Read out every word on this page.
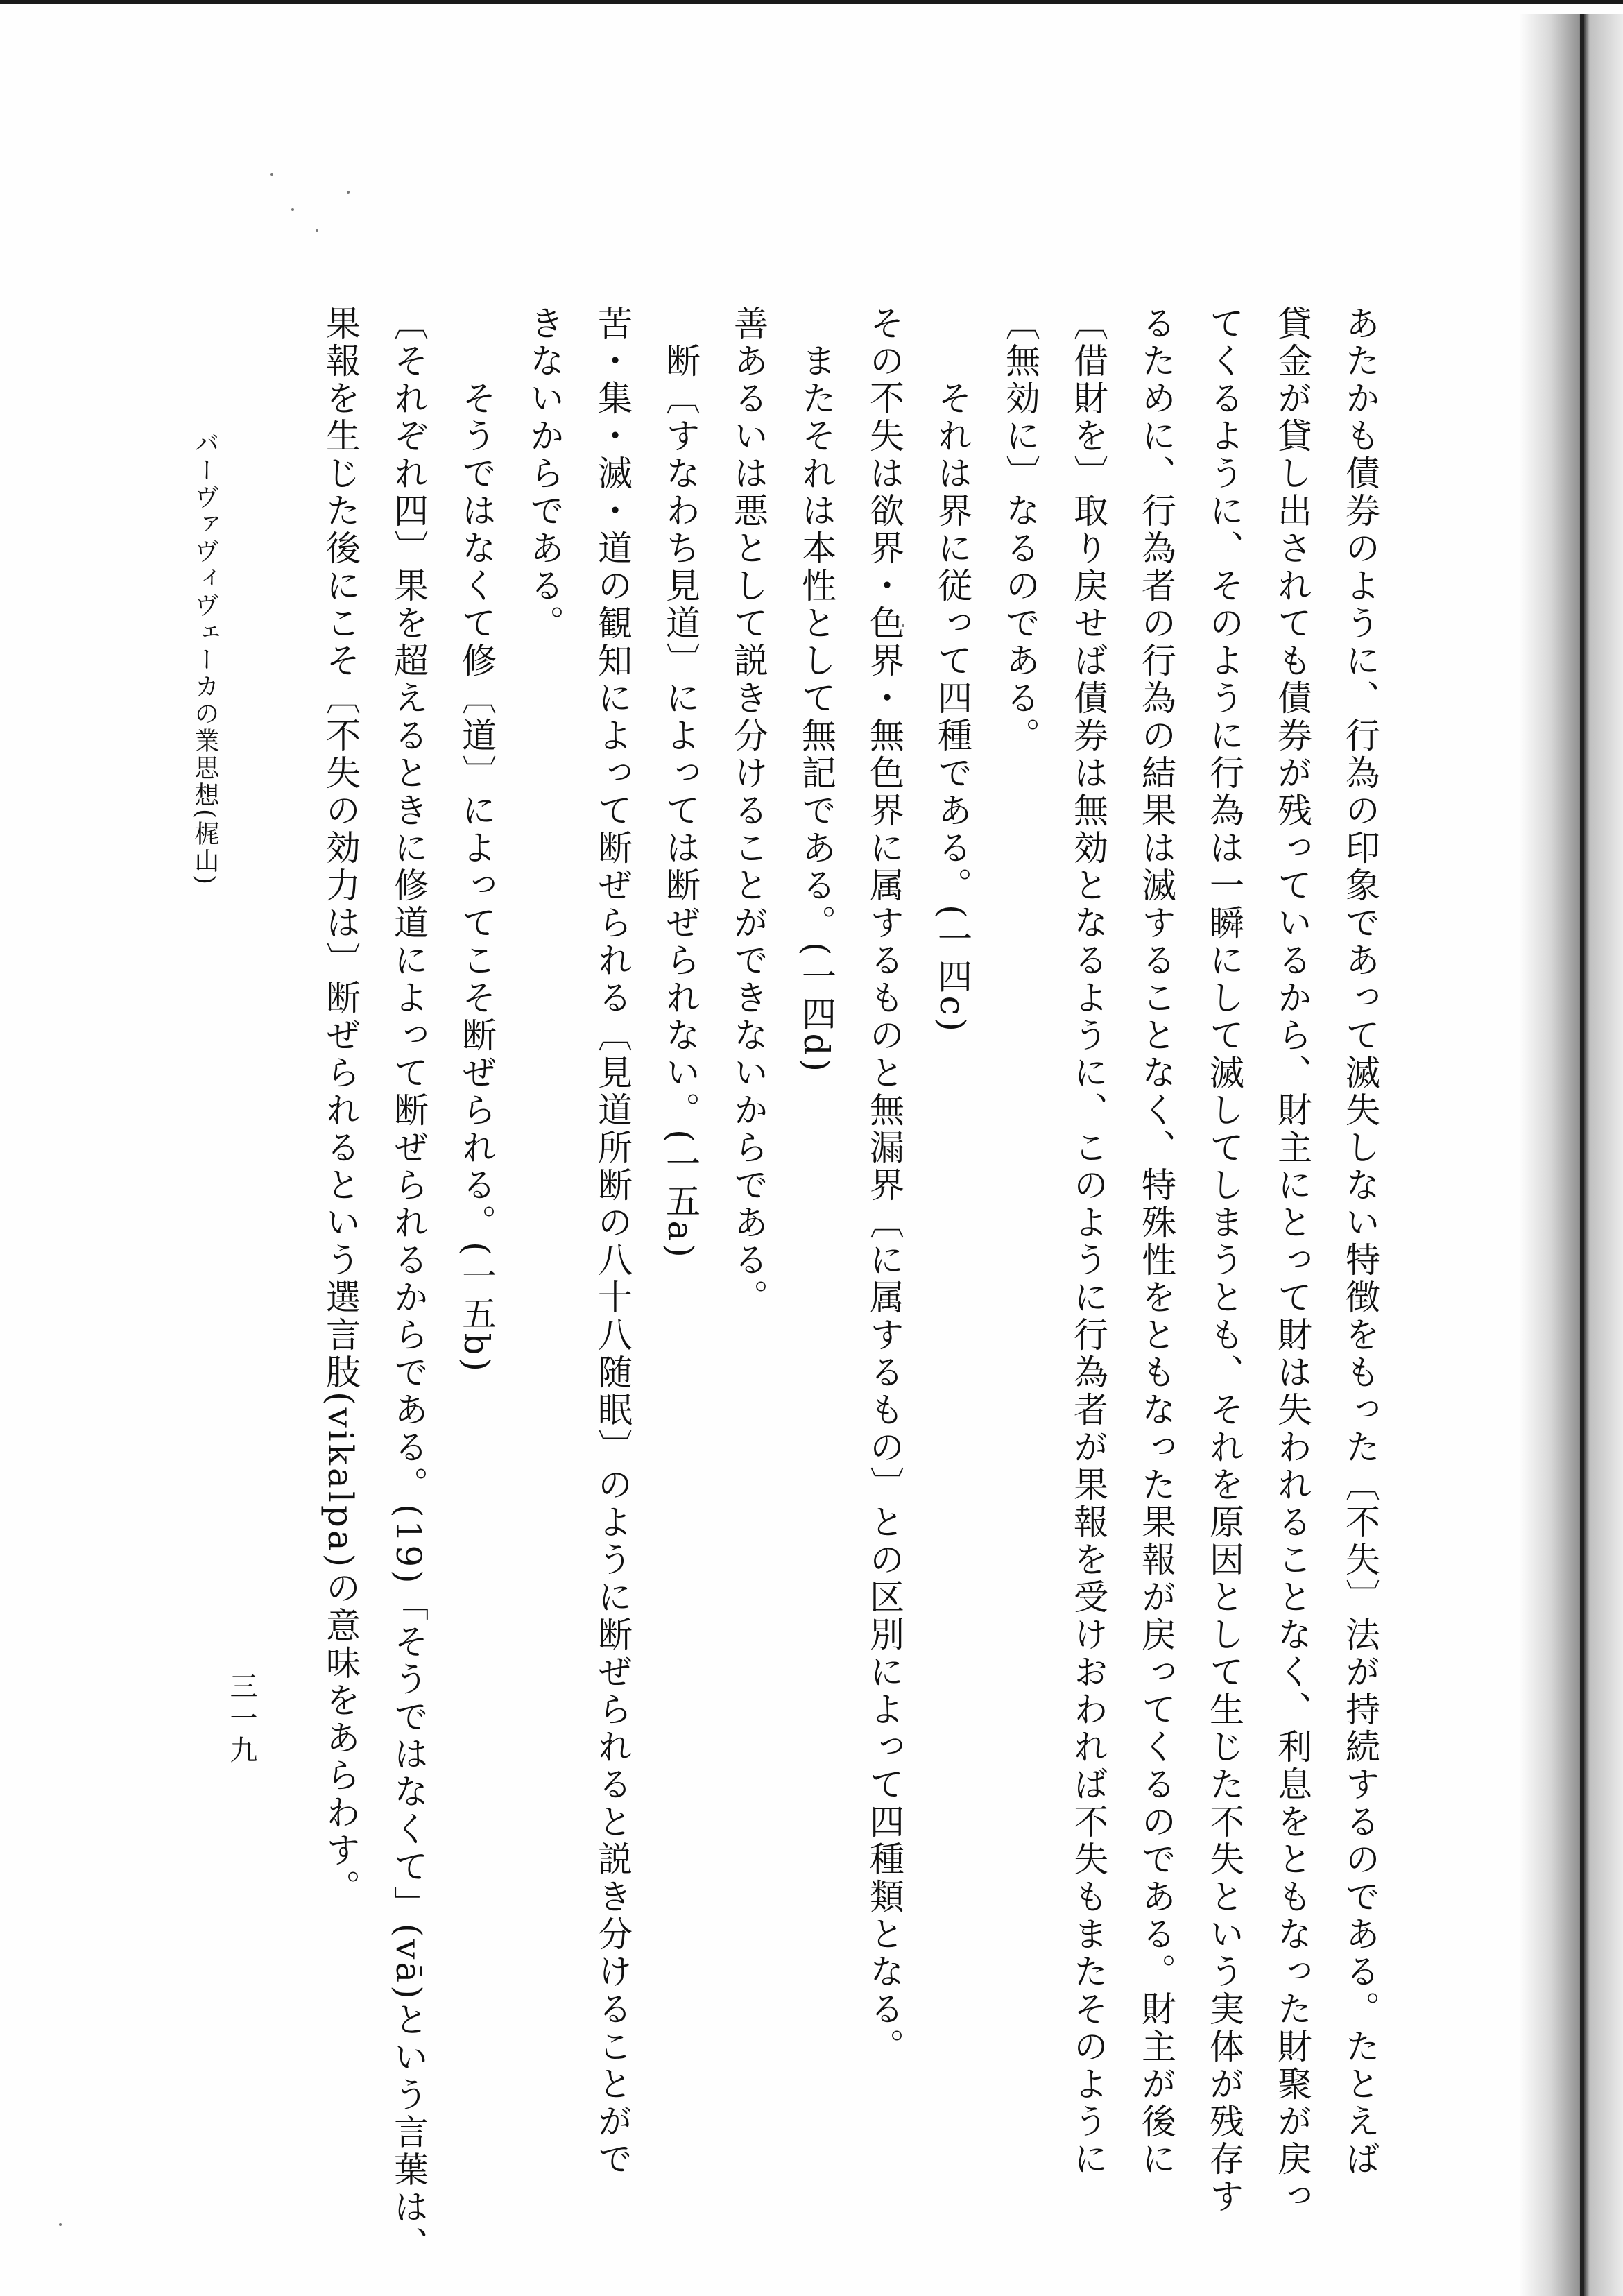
あたかも債券のように、行為の印象であって滅失しない特徴をもった〔不失〕法が持続するのである。たとえば
貸金が貸し出されても債券が残っているから、財主にとって財は失われることなく、利息をともなった財聚が戻っ
てくるように、そのように行為は一瞬にして滅してしまうとも、それを原因として生じた不失という実体が残存す
るために、行為者の行為の結果は滅することなく、特殊性をともなった果報が戻ってくるのである。財主が後に
〔借財を〕取り戻せば債券は無効となるように、このように行為者が果報を受けおわれば不失もまたそのように
〔無効に〕なるのである。
それは界に従って四種である。(一四c)
その不失は欲界・色界・無色界に属するものと無漏界〔に属するもの〕との区別によって四種類となる。
またそれは本性として無記である。(一四d)
善あるいは悪として説き分けることができないからである。
断〔すなわち見道〕によっては断ぜられない。(一五a)
苦・集・滅・道の観知によって断ぜられる〔見道所断の八十八随眠〕のように断ぜられると説き分けることがで
きないからである。
そうではなくて修〔道〕によってこそ断ぜられる。(一五b)
〔それぞれ四〕果を超えるときに修道によって断ぜられるからである。(19)「そうではなくて」(vā)という言葉は、
果報を生じた後にこそ〔不失の効力は〕断ぜられるという選言肢(vikalpa)の意味をあらわす。
バーヴァヴィヴェーカの業思想(梶山)
三一九
